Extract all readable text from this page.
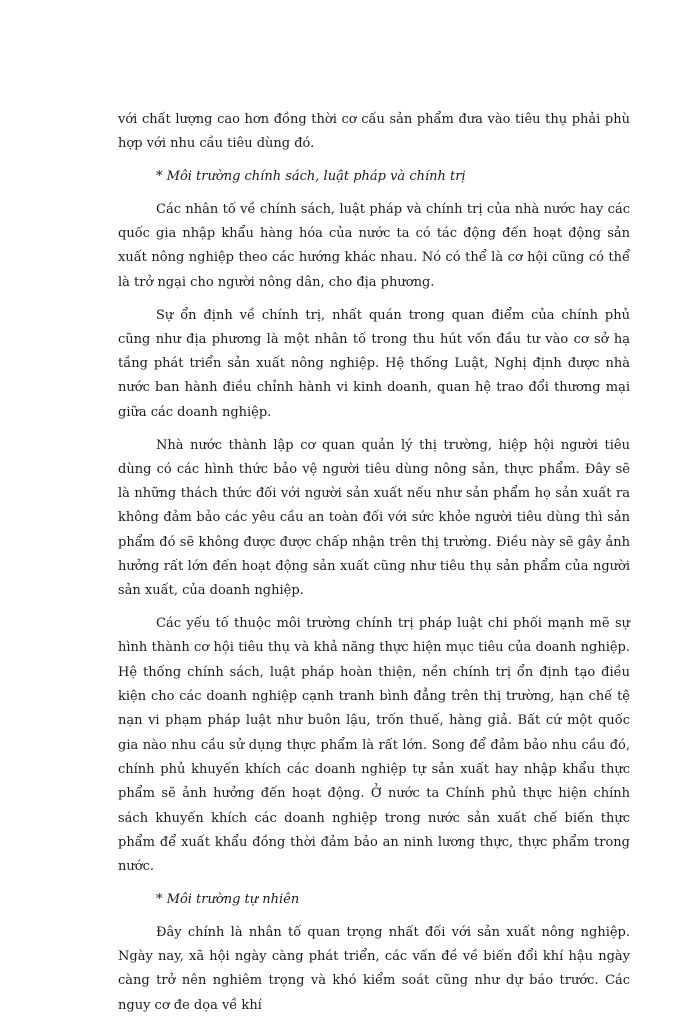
với chất lượng cao hơn đồng thời cơ cấu sản phẩm đưa vào tiêu thụ phải phù hợp với nhu cầu tiêu dùng đó.

* Môi trường chính sách, luật pháp và chính trị

Các nhân tố về chính sách, luật pháp và chính trị của nhà nước hay các quốc gia nhập khẩu hàng hóa của nước ta có tác động đến hoạt động sản xuất nông nghiệp theo các hướng khác nhau. Nó có thể là cơ hội cũng có thể là trở ngại cho người nông dân, cho địa phương.

Sự ổn định về chính trị, nhất quán trong quan điểm của chính phủ cũng như địa phương là một nhân tố trong thu hút vốn đầu tư vào cơ sở hạ tầng phát triển sản xuất nông nghiệp. Hệ thống Luật, Nghị định được nhà nước ban hành điều chỉnh hành vi kinh doanh, quan hệ trao đổi thương mại giữa các doanh nghiệp.

Nhà nước thành lập cơ quan quản lý thị trường, hiệp hội người tiêu dùng có các hình thức bảo vệ người tiêu dùng nông sản, thực phẩm. Đây sẽ là những thách thức đối với người sản xuất nếu như sản phẩm họ sản xuất ra không đảm bảo các yêu cầu an toàn đối với sức khỏe người tiêu dùng thì sản phẩm đó sẽ không được được chấp nhận trên thị trường. Điều này sẽ gây ảnh hưởng rất lớn đến hoạt động sản xuất cũng như tiêu thụ sản phẩm của người sản xuất, của doanh nghiệp.

Các yếu tố thuộc môi trường chính trị pháp luật chi phối mạnh mẽ sự hình thành cơ hội tiêu thụ và khả năng thực hiện mục tiêu của doanh nghiệp. Hệ thống chính sách, luật pháp hoàn thiện, nền chính trị ổn định tạo điều kiện cho các doanh nghiệp cạnh tranh bình đẳng trên thị trường, hạn chế tệ nạn vi phạm pháp luật như buôn lậu, trốn thuế, hàng giả. Bất cứ một quốc gia nào nhu cầu sử dụng thực phẩm là rất lớn. Song để đảm bảo nhu cầu đó, chính phủ khuyến khích các doanh nghiệp tự sản xuất hay nhập khẩu thực phẩm sẽ ảnh hưởng đến hoạt động. Ở nước ta Chính phủ thực hiện chính sách khuyến khích các doanh nghiệp trong nước sản xuất chế biến thực phẩm để xuất khẩu đồng thời đảm bảo an ninh lương thực, thực phẩm trong nước.

* Môi trường tự nhiên

Đây chính là nhân tố quan trọng nhất đối với sản xuất nông nghiệp. Ngày nay, xã hội ngày càng phát triển, các vấn đề về biến đổi khí hậu ngày càng trở nên nghiêm trọng và khó kiểm soát cũng như dự báo trước. Các nguy cơ đe dọa về khí
